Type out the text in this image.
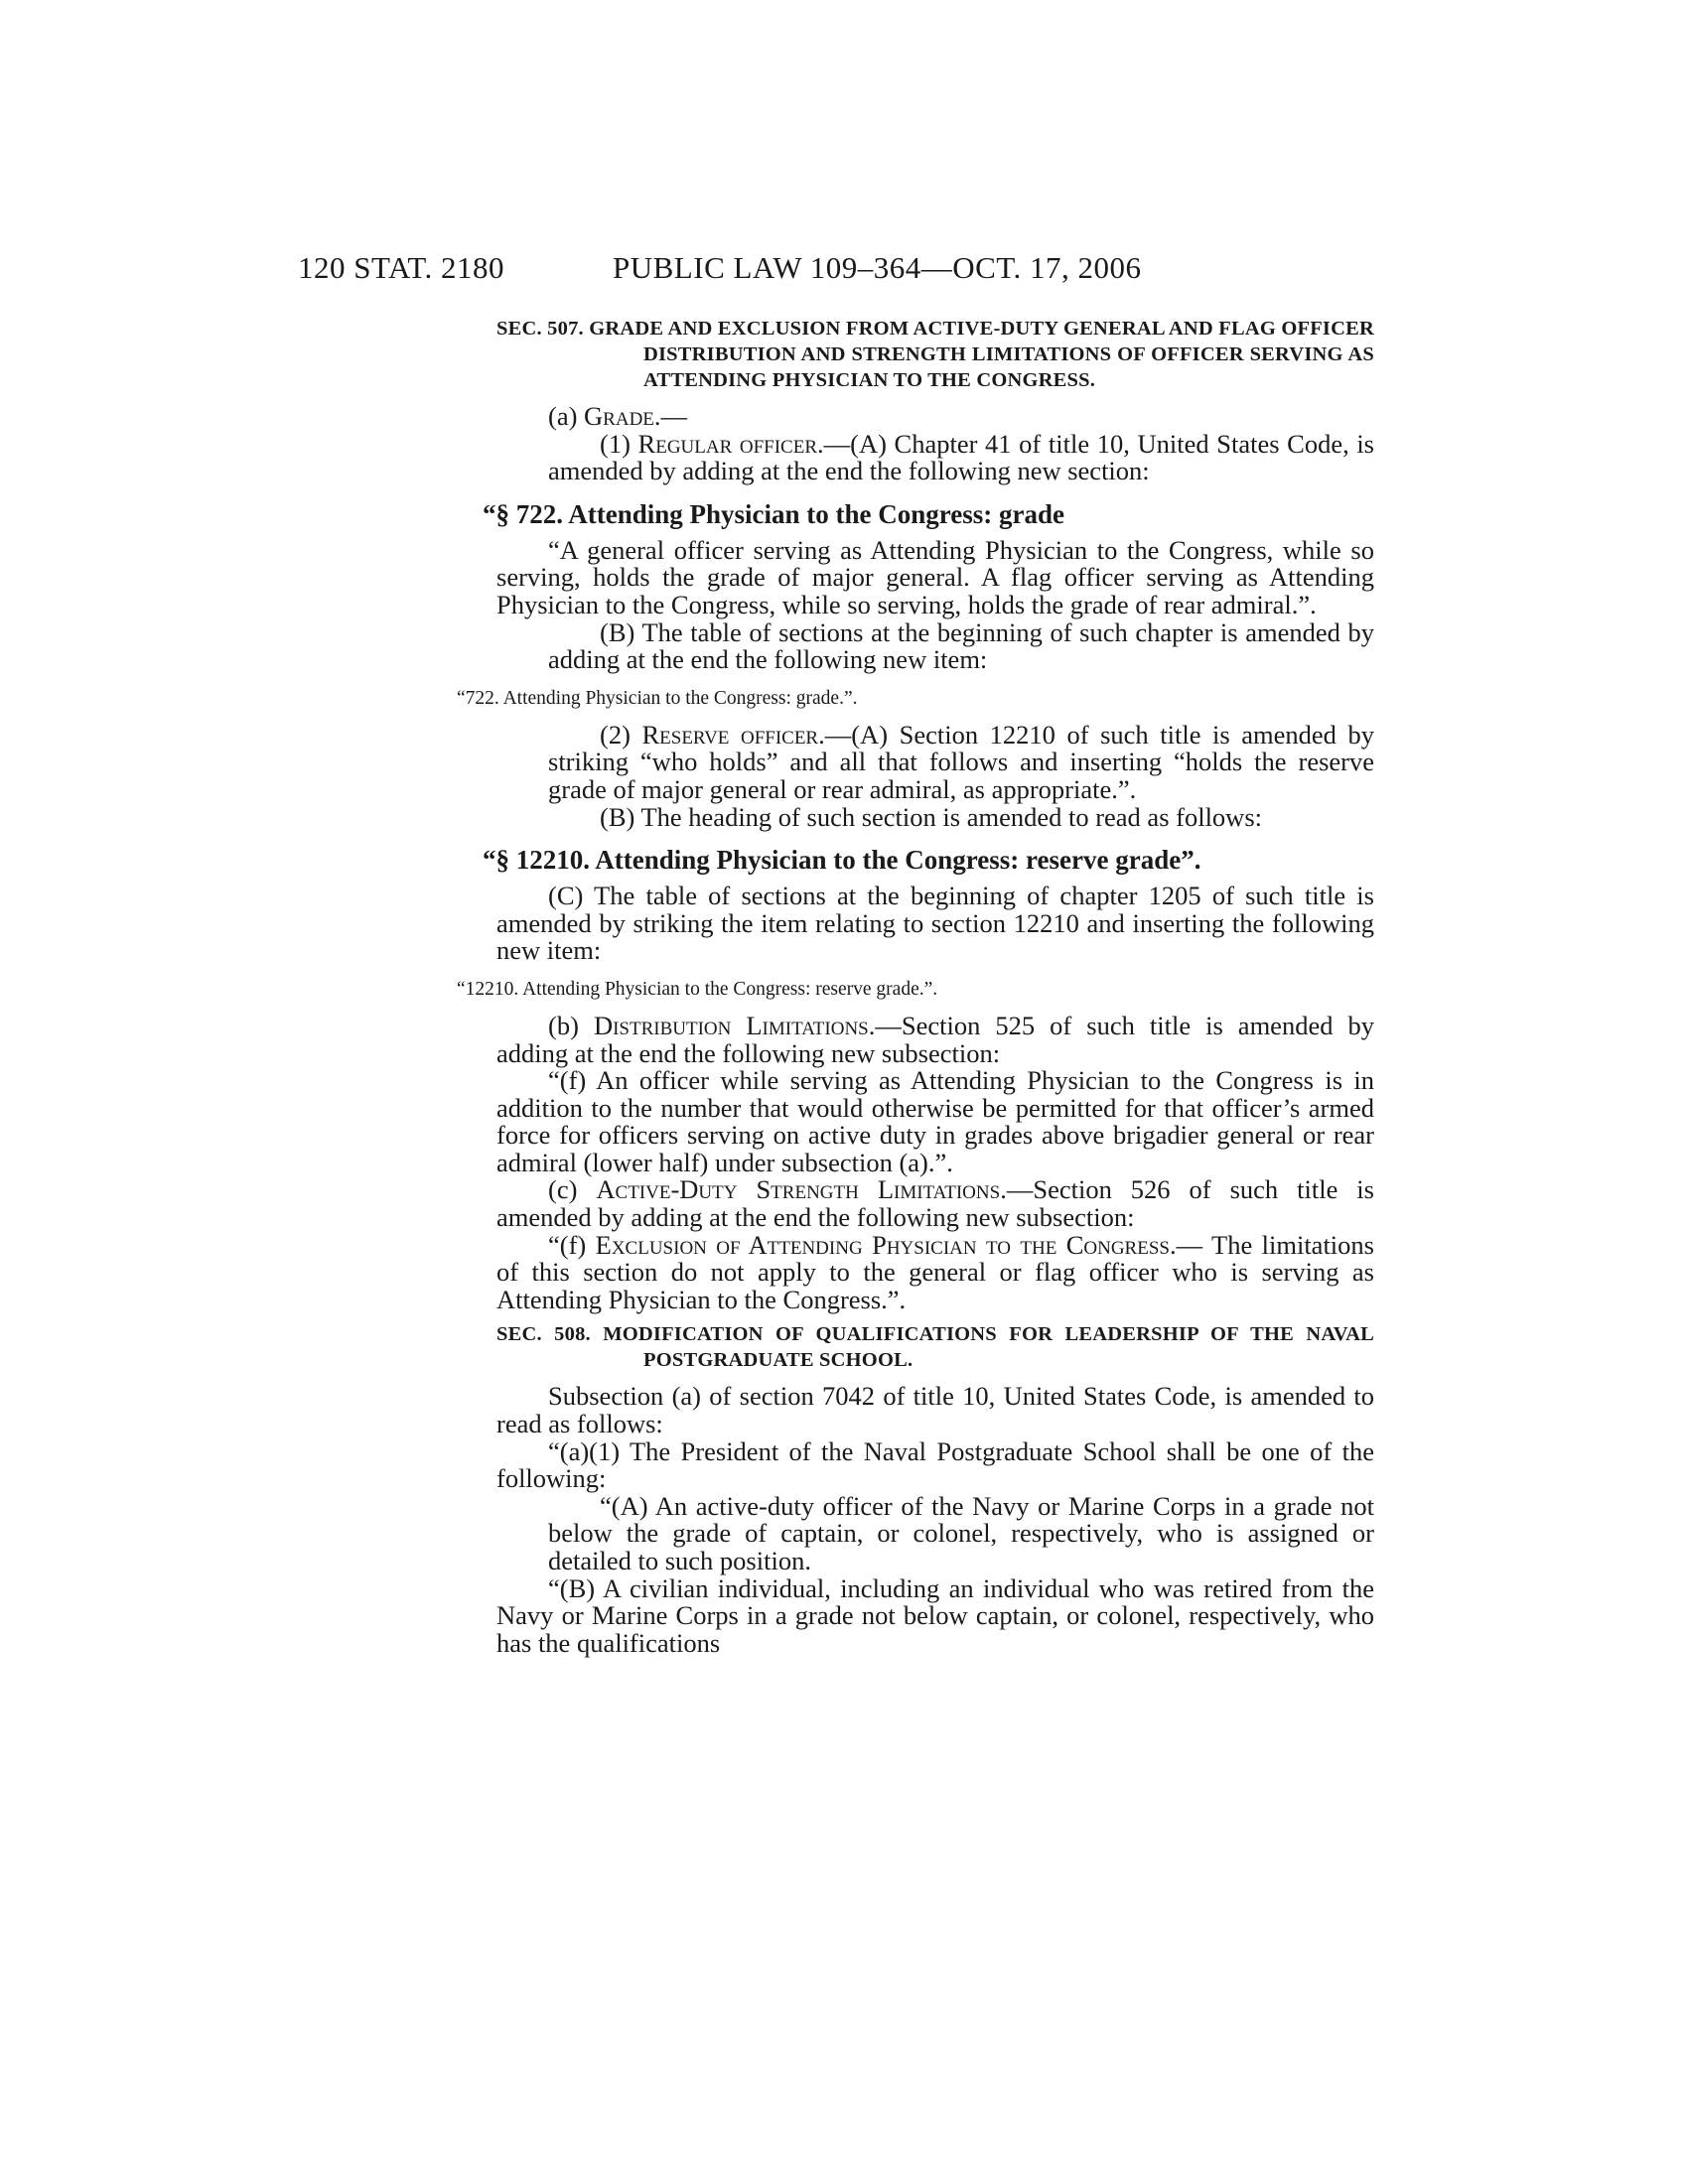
120 STAT. 2180	PUBLIC LAW 109–364—OCT. 17, 2006
SEC. 507. GRADE AND EXCLUSION FROM ACTIVE-DUTY GENERAL AND FLAG OFFICER DISTRIBUTION AND STRENGTH LIMITATIONS OF OFFICER SERVING AS ATTENDING PHYSICIAN TO THE CONGRESS.

(a) Grade.—

(1) Regular officer.—(A) Chapter 41 of title 10, United States Code, is amended by adding at the end the following new section:

“§ 722. Attending Physician to the Congress: grade

“A general officer serving as Attending Physician to the Congress, while so serving, holds the grade of major general. A flag officer serving as Attending Physician to the Congress, while so serving, holds the grade of rear admiral.”.

(B) The table of sections at the beginning of such chapter is amended by adding at the end the following new item:

“722. Attending Physician to the Congress: grade.”.

(2) Reserve officer.—(A) Section 12210 of such title is amended by striking “who holds” and all that follows and inserting “holds the reserve grade of major general or rear admiral, as appropriate.”.

(B) The heading of such section is amended to read as follows:

“§ 12210. Attending Physician to the Congress: reserve grade”.

(C) The table of sections at the beginning of chapter 1205 of such title is amended by striking the item relating to section 12210 and inserting the following new item:

“12210. Attending Physician to the Congress: reserve grade.”.

(b) Distribution Limitations.—Section 525 of such title is amended by adding at the end the following new subsection:

“(f) An officer while serving as Attending Physician to the Congress is in addition to the number that would otherwise be permitted for that officer’s armed force for officers serving on active duty in grades above brigadier general or rear admiral (lower half) under subsection (a).”.

(c) Active-Duty Strength Limitations.—Section 526 of such title is amended by adding at the end the following new subsection:

“(f) Exclusion of Attending Physician to the Congress.— The limitations of this section do not apply to the general or flag officer who is serving as Attending Physician to the Congress.”.

SEC. 508. MODIFICATION OF QUALIFICATIONS FOR LEADERSHIP OF THE NAVAL POSTGRADUATE SCHOOL.

Subsection (a) of section 7042 of title 10, United States Code, is amended to read as follows:

“(a)(1) The President of the Naval Postgraduate School shall be one of the following:

“(A) An active-duty officer of the Navy or Marine Corps in a grade not below the grade of captain, or colonel, respectively, who is assigned or detailed to such position.

“(B) A civilian individual, including an individual who was retired from the Navy or Marine Corps in a grade not below captain, or colonel, respectively, who has the qualifications
